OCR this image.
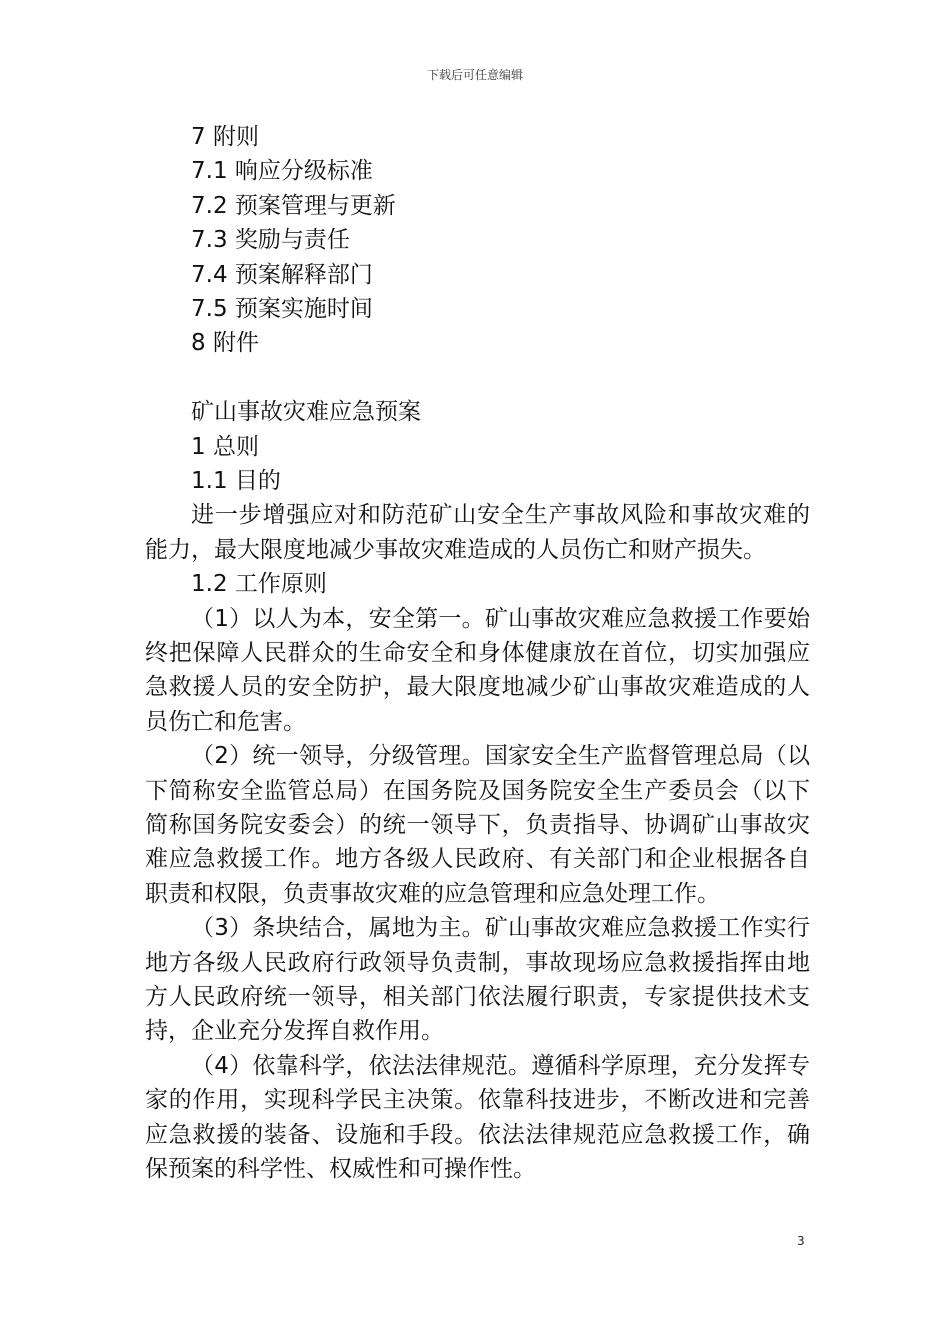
下载后可任意编辑
7 附则
7.1 响应分级标准
7.2 预案管理与更新
7.3 奖励与责任
7.4 预案解释部门
7.5 预案实施时间
8 附件
矿山事故灾难应急预案
1 总则
1.1 目的

进一步增强应对和防范矿山安全生产事故风险和事故灾难的能力，最大限度地减少事故灾难造成的人员伤亡和财产损失。

1.2 工作原则

（1）以人为本，安全第一。矿山事故灾难应急救援工作要始终把保障人民群众的生命安全和身体健康放在首位，切实加强应急救援人员的安全防护，最大限度地减少矿山事故灾难造成的人员伤亡和危害。

（2）统一领导，分级管理。国家安全生产监督管理总局（以下简称安全监管总局）在国务院及国务院安全生产委员会（以下简称国务院安委会）的统一领导下，负责指导、协调矿山事故灾难应急救援工作。地方各级人民政府、有关部门和企业根据各自职责和权限，负责事故灾难的应急管理和应急处理工作。

（3）条块结合，属地为主。矿山事故灾难应急救援工作实行地方各级人民政府行政领导负责制，事故现场应急救援指挥由地方人民政府统一领导，相关部门依法履行职责，专家提供技术支持，企业充分发挥自救作用。

（4）依靠科学，依法法律规范。遵循科学原理，充分发挥专家的作用，实现科学民主决策。依靠科技进步，不断改进和完善应急救援的装备、设施和手段。依法法律规范应急救援工作，确保预案的科学性、权威性和可操作性。

3
